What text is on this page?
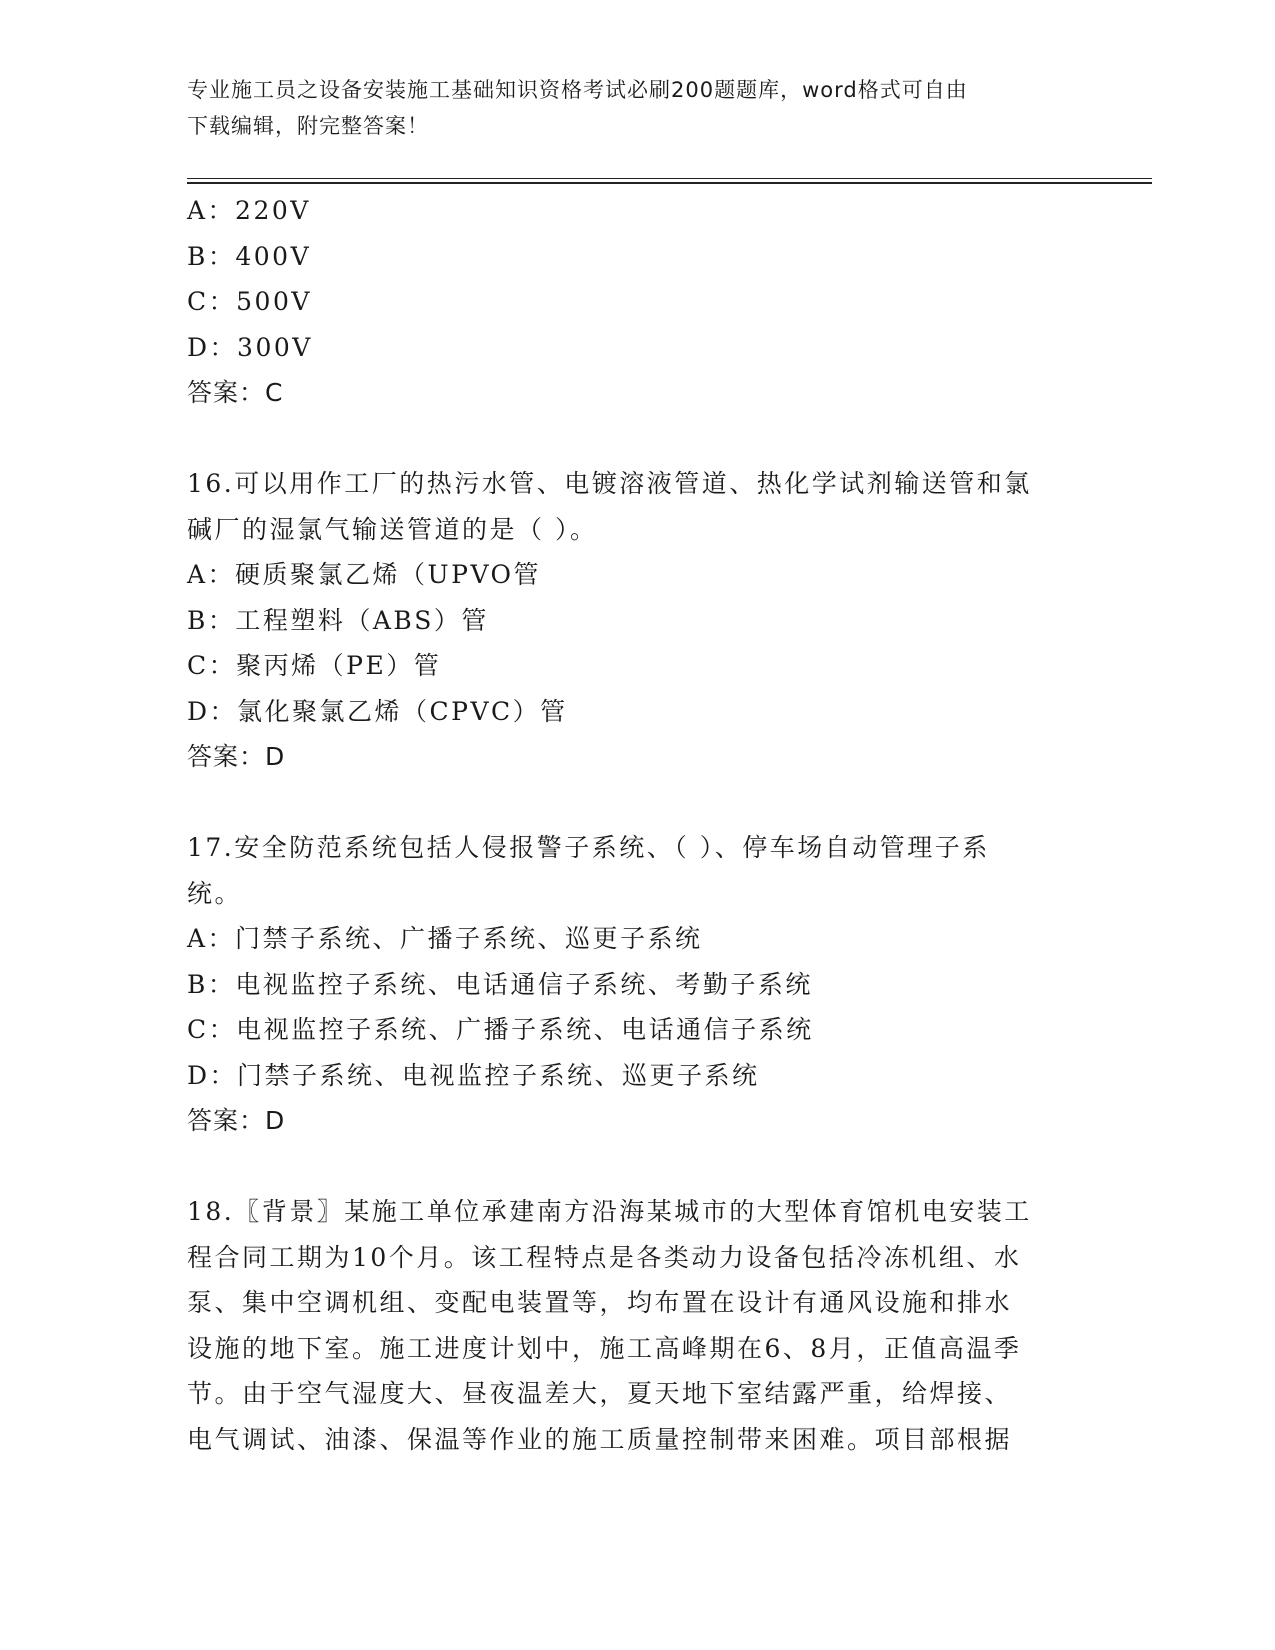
专业施工员之设备安装施工基础知识资格考试必刷200题题库，word格式可自由
下载编辑，附完整答案！
A：220V
B：400V
C：500V
D：300V
答案：C
16.可以用作工厂的热污水管、电镀溶液管道、热化学试剂输送管和氯
碱厂的湿氯气输送管道的是（ ）。
A：硬质聚氯乙烯（UPVO管
B：工程塑料（ABS）管
C：聚丙烯（PE）管
D：氯化聚氯乙烯（CPVC）管
答案：D
17.安全防范系统包括人侵报警子系统、（ ）、停车场自动管理子系
统。
A：门禁子系统、广播子系统、巡更子系统
B：电视监控子系统、电话通信子系统、考勤子系统
C：电视监控子系统、广播子系统、电话通信子系统
D：门禁子系统、电视监控子系统、巡更子系统
答案：D
18.〖背景〗某施工单位承建南方沿海某城市的大型体育馆机电安装工
程合同工期为10个月。该工程特点是各类动力设备包括冷冻机组、水
泵、集中空调机组、变配电装置等，均布置在设计有通风设施和排水
设施的地下室。施工进度计划中，施工高峰期在6、8月，正值高温季
节。由于空气湿度大、昼夜温差大，夏天地下室结露严重，给焊接、
电气调试、油漆、保温等作业的施工质量控制带来困难。项目部根据
